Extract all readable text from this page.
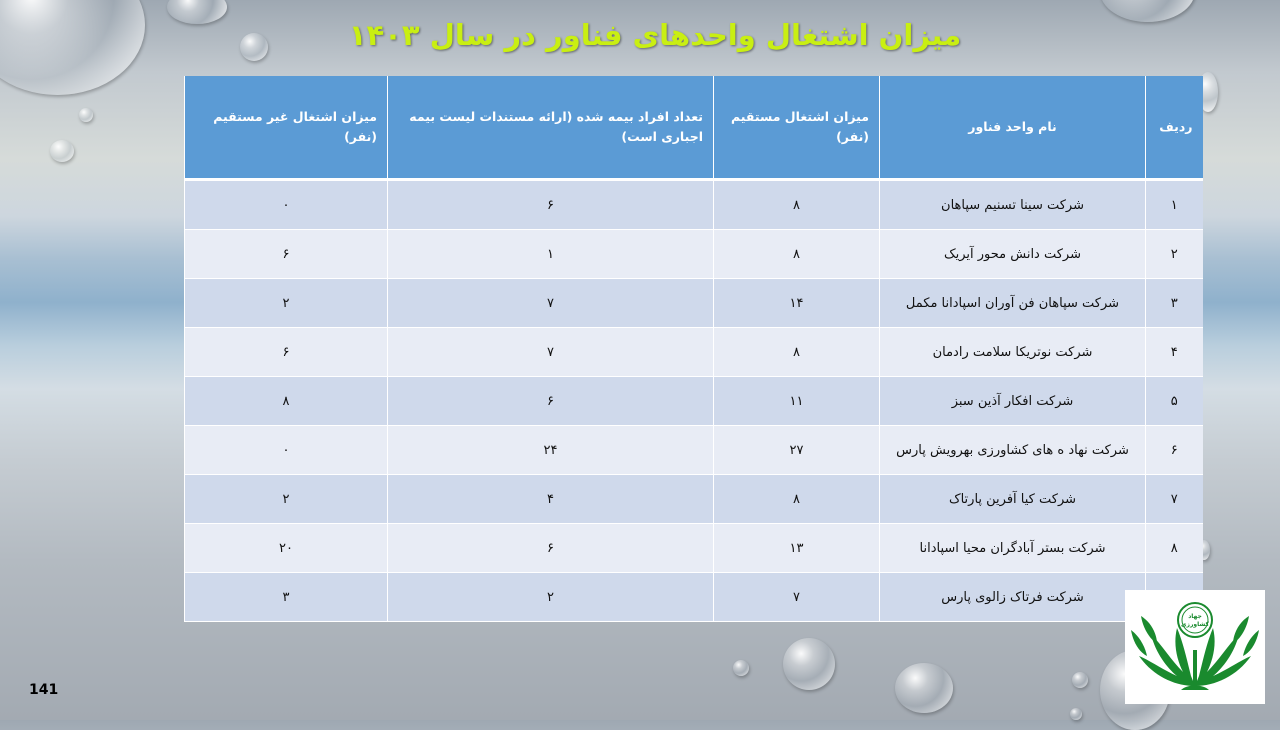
میزان اشتغال واحدهای فناور در سال ۱۴۰۳
ردیف	نام واحد فناور	میزان اشتغال مستقیم (نفر)	تعداد افراد بیمه شده (ارائه مستندات لیست بیمه اجباری است)	میزان اشتغال غیر مستقیم (نفر)
۱	شرکت سینا تسنیم سپاهان	۸	۶	۰
۲	شرکت دانش محور آیریک	۸	۱	۶
۳	شرکت سپاهان فن آوران اسپادانا مکمل	۱۴	۷	۲
۴	شرکت نوتریکا سلامت رادمان	۸	۷	۶
۵	شرکت افکار آذین سبز	۱۱	۶	۸
۶	شرکت نهاد ه های کشاورزی بهرویش پارس	۲۷	۲۴	۰
۷	شرکت کیا آفرین پارتاک	۸	۴	۲
۸	شرکت بستر آبادگران محیا اسپادانا	۱۳	۶	۲۰
	شرکت فرتاک زالوی پارس	۷	۲	۳
141
جهاد کشاورزی
